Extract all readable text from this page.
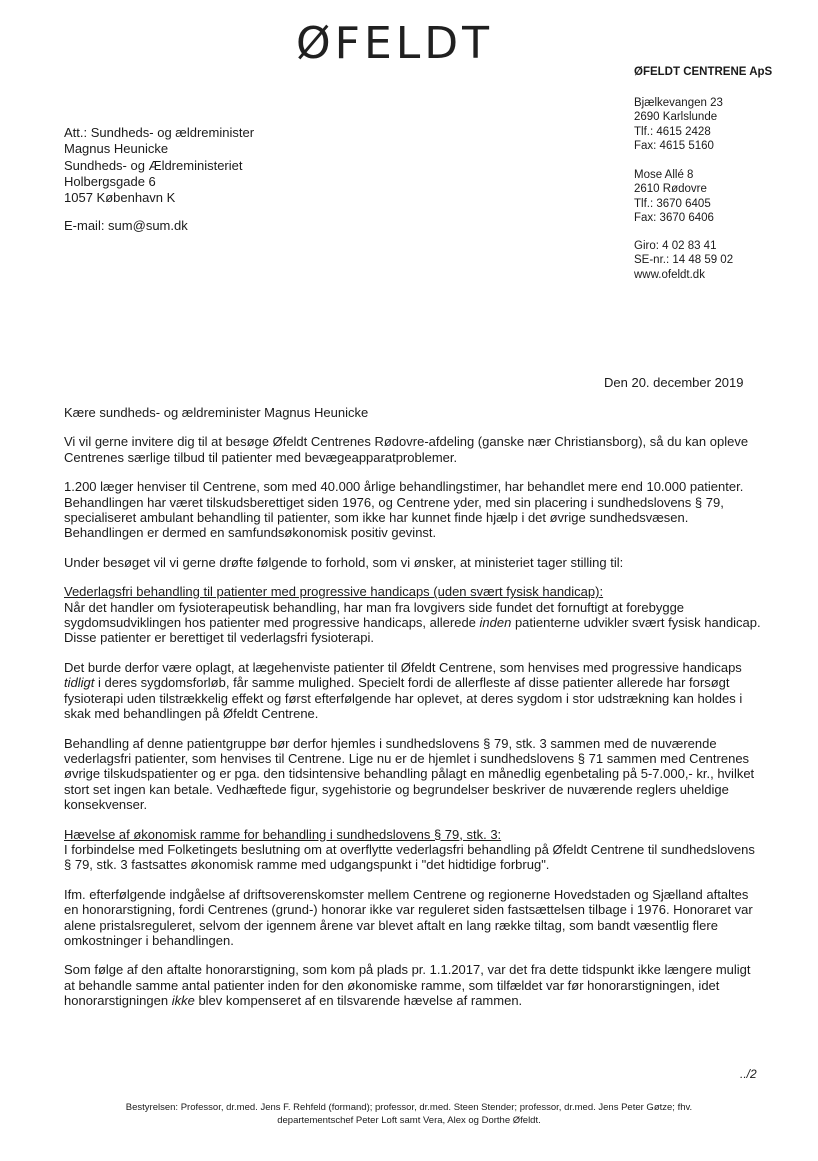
ØFELDT
ØFELDT CENTRENE ApS
Bjælkevangen 23
2690 Karlslunde
Tlf.: 4615 2428
Fax: 4615 5160
Mose Allé 8
2610 Rødovre
Tlf.: 3670 6405
Fax: 3670 6406
Giro: 4 02 83 41
SE-nr.: 14 48 59 02
www.ofeldt.dk
Att.: Sundheds- og ældreminister
Magnus Heunicke
Sundheds- og Ældreministeriet
Holbergsgade 6
1057 København K
E-mail: sum@sum.dk
Den 20. december 2019

Kære sundheds- og ældreminister Magnus Heunicke

Vi vil gerne invitere dig til at besøge Øfeldt Centrenes Rødovre-afdeling (ganske nær Christiansborg), så du kan opleve Centrenes særlige tilbud til patienter med bevægeapparatproblemer.

1.200 læger henviser til Centrene, som med 40.000 årlige behandlingstimer, har behandlet mere end 10.000 patienter. Behandlingen har været tilskudsberettiget siden 1976, og Centrene yder, med sin placering i sundhedslovens § 79, specialiseret ambulant behandling til patienter, som ikke har kunnet finde hjælp i det øvrige sundhedsvæsen. Behandlingen er dermed en samfundsøkonomisk positiv gevinst.

Under besøget vil vi gerne drøfte følgende to forhold, som vi ønsker, at ministeriet tager stilling til:

Vederlagsfri behandling til patienter med progressive handicaps (uden svært fysisk handicap):

Når det handler om fysioterapeutisk behandling, har man fra lovgivers side fundet det fornuftigt at forebygge sygdomsudviklingen hos patienter med progressive handicaps, allerede inden patienterne udvikler svært fysisk handicap. Disse patienter er berettiget til vederlagsfri fysioterapi.

Det burde derfor være oplagt, at lægehenviste patienter til Øfeldt Centrene, som henvises med progressive handicaps tidligt i deres sygdomsforløb, får samme mulighed. Specielt fordi de allerfleste af disse patienter allerede har forsøgt fysioterapi uden tilstrækkelig effekt og først efterfølgende har oplevet, at deres sygdom i stor udstrækning kan holdes i skak med behandlingen på Øfeldt Centrene.

Behandling af denne patientgruppe bør derfor hjemles i sundhedslovens § 79, stk. 3 sammen med de nuværende vederlagsfri patienter, som henvises til Centrene. Lige nu er de hjemlet i sundhedslovens § 71 sammen med Centrenes øvrige tilskudspatienter og er pga. den tidsintensive behandling pålagt en månedlig egenbetaling på 5-7.000,- kr., hvilket stort set ingen kan betale. Vedhæftede figur, sygehistorie og begrundelser beskriver de nuværende reglers uheldige konsekvenser.

Hævelse af økonomisk ramme for behandling i sundhedslovens § 79, stk. 3:

I forbindelse med Folketingets beslutning om at overflytte vederlagsfri behandling på Øfeldt Centrene til sundhedslovens § 79, stk. 3 fastsattes økonomisk ramme med udgangspunkt i "det hidtidige forbrug".

Ifm. efterfølgende indgåelse af driftsoverenskomster mellem Centrene og regionerne Hovedstaden og Sjælland aftaltes en honorarstigning, fordi Centrenes (grund-) honorar ikke var reguleret siden fastsættelsen tilbage i 1976. Honoraret var alene pristalsreguleret, selvom der igennem årene var blevet aftalt en lang række tiltag, som bandt væsentlig flere omkostninger i behandlingen.

Som følge af den aftalte honorarstigning, som kom på plads pr. 1.1.2017, var det fra dette tidspunkt ikke længere muligt at behandle samme antal patienter inden for den økonomiske ramme, som tilfældet var før honorarstigningen, idet honorarstigningen ikke blev kompenseret af en tilsvarende hævelse af rammen.

../2
Bestyrelsen: Professor, dr.med. Jens F. Rehfeld (formand); professor, dr.med. Steen Stender; professor, dr.med. Jens Peter Gøtze; fhv. departementschef Peter Loft samt Vera, Alex og Dorthe Øfeldt.
